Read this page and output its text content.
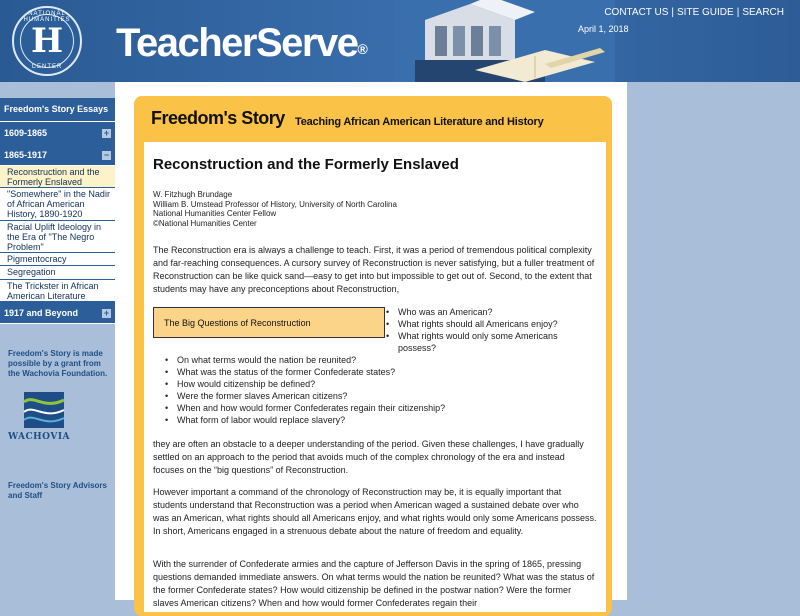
NATIONAL HUMANITIES
H
CENTER
TeacherServe®
CONTACT US | SITE GUIDE | SEARCH
April 1, 2018
Freedom's Story Essays
1609-1865	+
1865-1917	−
Reconstruction and the Formerly Enslaved
"Somewhere" in the Nadir of African American History, 1890-1920
Racial Uplift Ideology in the Era of "The Negro Problem"
Pigmentocracy
Segregation
The Trickster in African American Literature
1917 and Beyond	+
Freedom's Story is made possible by a grant from the Wachovia Foundation.
WACHOVIA
Freedom's Story Advisors and Staff
Freedom's Story Teaching African American Literature and History
Reconstruction and the Formerly Enslaved
W. Fitzhugh Brundage
William B. Umstead Professor of History, University of North Carolina
National Humanities Center Fellow
©National Humanities Center
The Reconstruction era is always a challenge to teach. First, it was a period of tremendous political complexity and far-reaching consequences. A cursory survey of Reconstruction is never satisfying, but a fuller treatment of Reconstruction can be like quick sand—easy to get into but impossible to get out of. Second, to the extent that students may have any preconceptions about Reconstruction,
The Big Questions of Reconstruction
• Who was an American?
• What rights should all Americans enjoy?
• What rights would only some Americans possess?
• On what terms would the nation be reunited?
• What was the status of the former Confederate states?
• How would citizenship be defined?
• Were the former slaves American citizens?
• When and how would former Confederates regain their citizenship?
• What form of labor would replace slavery?
they are often an obstacle to a deeper understanding of the period. Given these challenges, I have gradually settled on an approach to the period that avoids much of the complex chronology of the era and instead focuses on the “big questions” of Reconstruction.
However important a command of the chronology of Reconstruction may be, it is equally important that students understand that Reconstruction was a period when American waged a sustained debate over who was an American, what rights should all Americans enjoy, and what rights would only some Americans possess. In short, Americans engaged in a strenuous debate about the nature of freedom and equality.
With the surrender of Confederate armies and the capture of Jefferson Davis in the spring of 1865, pressing questions demanded immediate answers. On what terms would the nation be reunited? What was the status of the former Confederate states? How would citizenship be defined in the postwar nation? Were the former slaves American citizens? When and how would former Confederates regain their
